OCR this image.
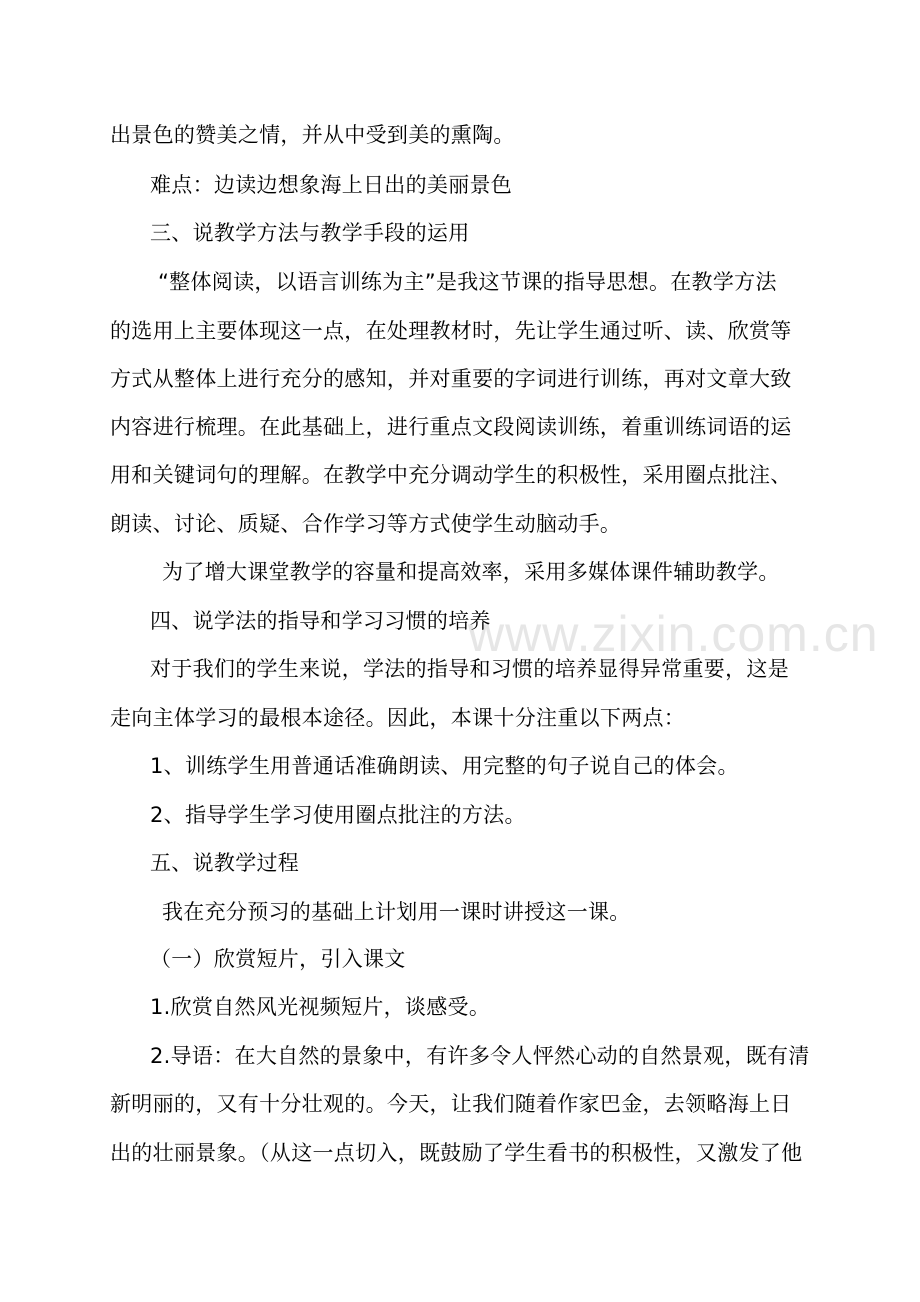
www.zixin.com.cn
出景色的赞美之情，并从中受到美的熏陶。
难点：边读边想象海上日出的美丽景色
三、说教学方法与教学手段的运用
“整体阅读，以语言训练为主”是我这节课的指导思想。在教学方法
的选用上主要体现这一点，在处理教材时，先让学生通过听、读、欣赏等
方式从整体上进行充分的感知，并对重要的字词进行训练，再对文章大致
内容进行梳理。在此基础上，进行重点文段阅读训练，着重训练词语的运
用和关键词句的理解。在教学中充分调动学生的积极性，采用圈点批注、
朗读、讨论、质疑、合作学习等方式使学生动脑动手。
为了增大课堂教学的容量和提高效率，采用多媒体课件辅助教学。
四、说学法的指导和学习习惯的培养
对于我们的学生来说，学法的指导和习惯的培养显得异常重要，这是
走向主体学习的最根本途径。因此，本课十分注重以下两点：
1、训练学生用普通话准确朗读、用完整的句子说自己的体会。
2、指导学生学习使用圈点批注的方法。
五、说教学过程
我在充分预习的基础上计划用一课时讲授这一课。
（一）欣赏短片，引入课文
1.欣赏自然风光视频短片，谈感受。
2.导语：在大自然的景象中，有许多令人怦然心动的自然景观，既有清
新明丽的，又有十分壮观的。今天，让我们随着作家巴金，去领略海上日
出的壮丽景象。（从这一点切入，既鼓励了学生看书的积极性，又激发了他
